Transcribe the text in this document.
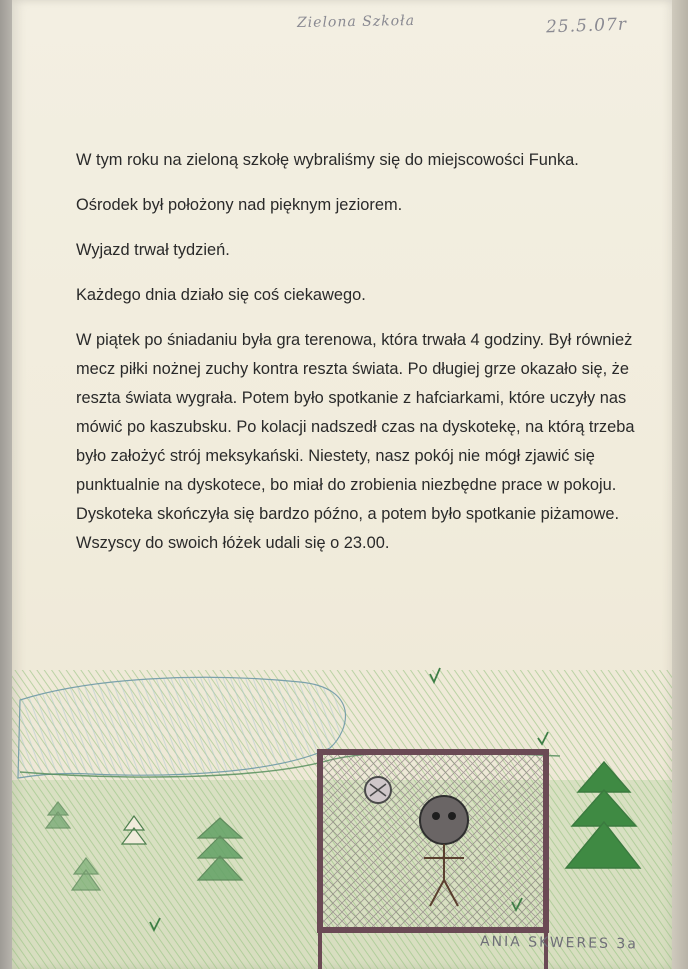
Zielona Szkoła	25.5.07r

W tym roku na zieloną szkołę wybraliśmy się do miejscowości Funka.

Ośrodek był położony nad pięknym jeziorem.

Wyjazd trwał tydzień.

Każdego dnia działo się coś ciekawego.

W piątek po śniadaniu była gra terenowa, która trwała 4 godziny. Był również mecz piłki nożnej zuchy kontra reszta świata. Po długiej grze okazało się, że reszta świata wygrała. Potem było spotkanie z hafciarkami, które uczyły nas mówić po kaszubsku. Po kolacji nadszedł czas na dyskotekę, na którą trzeba było założyć strój meksykański. Niestety, nasz pokój nie mógł zjawić się punktualnie na dyskotece, bo miał do zrobienia niezbędne prace w pokoju. Dyskoteka skończyła się bardzo późno, a potem było spotkanie piżamowe. Wszyscy do swoich łóżek udali się o 23.00.

ANIA SKWERES 3a
